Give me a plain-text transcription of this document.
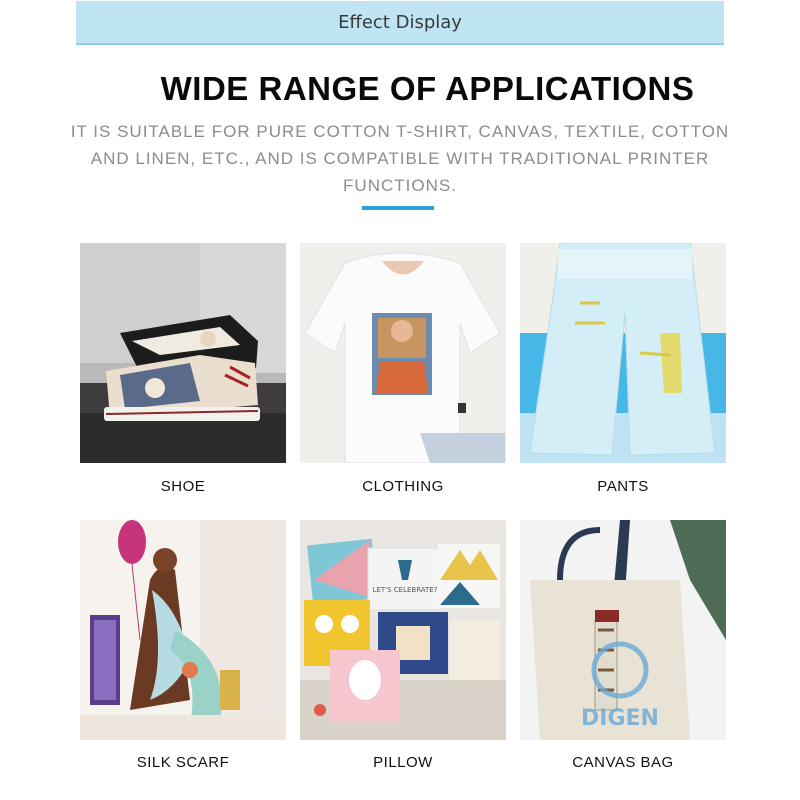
Effect Display
WIDE RANGE OF APPLICATIONS
IT IS SUITABLE FOR PURE COTTON T-SHIRT, CANVAS, TEXTILE, COTTON AND LINEN, ETC., AND IS COMPATIBLE WITH TRADITIONAL PRINTER FUNCTIONS.
SHOE	CLOTHING	PANTS
SILK SCARF
LET'S CELEBRATE?
PILLOW
DIGEN
CANVAS BAG
